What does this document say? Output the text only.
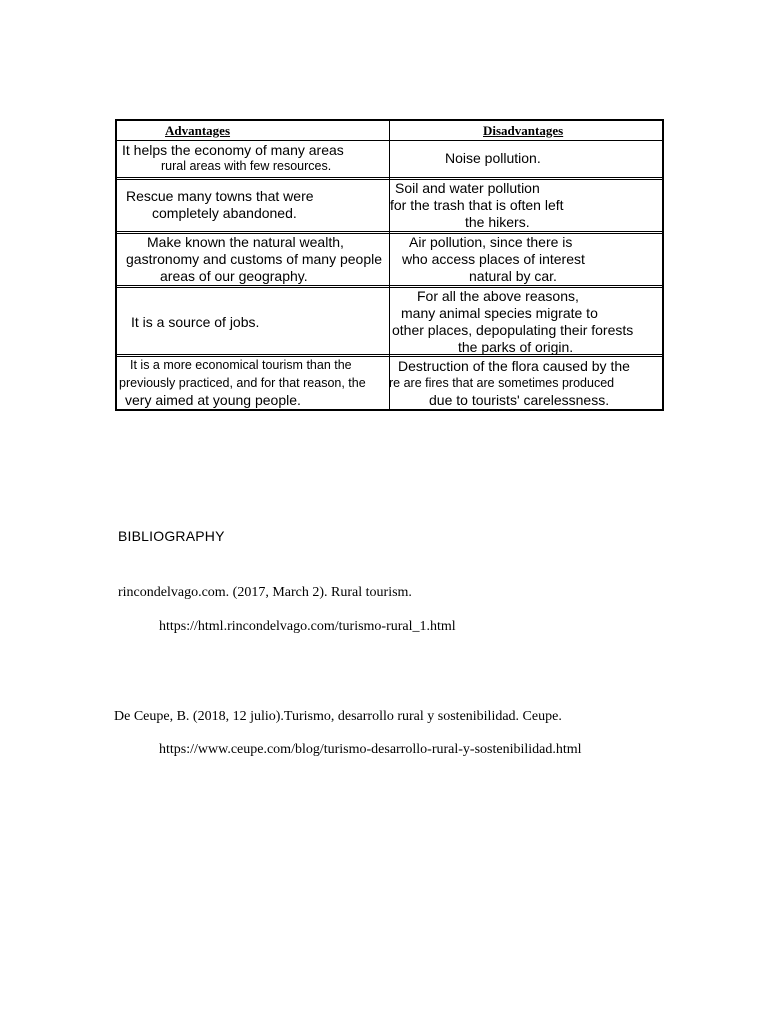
Advantages	Disadvantages
It helps the economy of many areas
rural areas with few resources.	Noise pollution.
Rescue many towns that were
completely abandoned.
Soil and water pollution
for the trash that is often left
the hikers.
Make known the natural wealth,
gastronomy and customs of many people
areas of our geography.
Air pollution, since there is
who access places of interest
natural by car.
It is a source of jobs.
For all the above reasons,
many animal species migrate to
other places, depopulating their forests
the parks of origin.
It is a more economical tourism than the
previously practiced, and for that reason, the
very aimed at young people.
Destruction of the flora caused by the
re are fires that are sometimes produced
due to tourists' carelessness.
BIBLIOGRAPHY
rincondelvago.com. (2017, March 2). Rural tourism.
https://html.rincondelvago.com/turismo-rural_1.html
De Ceupe, B. (2018, 12 julio).Turismo, desarrollo rural y sostenibilidad. Ceupe.
https://www.ceupe.com/blog/turismo-desarrollo-rural-y-sostenibilidad.html
